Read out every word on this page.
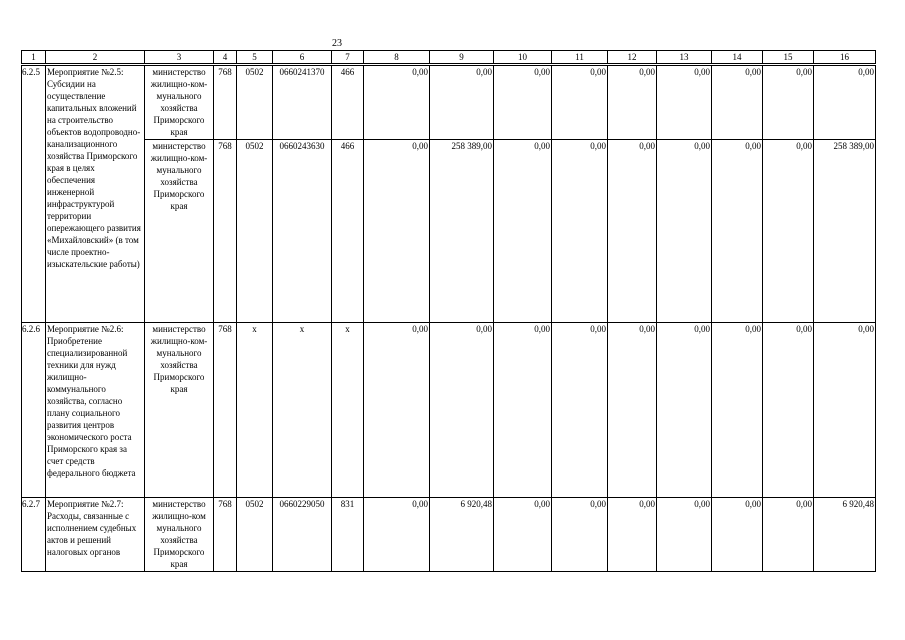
23
1	2	3	4	5	6	7	8	9	10	11	12	13	14	15	16
6.2.5	Мероприятие №2.5: Субсидии на осуществление капитальных вложений на строительство объектов водопроводно-канализационного хозяйства Приморского края в целях обеспечения инженерной инфраструктурой территории опережающего развития «Михайловский» (в том числе проектно-изыскательские работы)	министерство жилищно-ком-мунального хозяйства Приморского края	768	0502	0660241370	466	0,00	0,00	0,00	0,00	0,00	0,00	0,00	0,00	0,00
		министерство жилищно-ком-мунального хозяйства Приморского края	768	0502	0660243630	466	0,00	258 389,00	0,00	0,00	0,00	0,00	0,00	0,00	258 389,00
6.2.6	Мероприятие №2.6: Приобретение специализированной техники для нужд жилищно-коммунального хозяйства, согласно плану социального развития центров экономического роста Приморского края за счет средств федерального бюджета	министерство жилищно-ком-мунального хозяйства Приморского края	768	х	х	х	0,00	0,00	0,00	0,00	0,00	0,00	0,00	0,00	0,00
6.2.7	Мероприятие №2.7: Расходы, связанные с исполнением судебных актов и решений налоговых органов	министерство жилищно-ком мунального хозяйства Приморского края	768	0502	0660229050	831	0,00	6 920,48	0,00	0,00	0,00	0,00	0,00	0,00	6 920,48
